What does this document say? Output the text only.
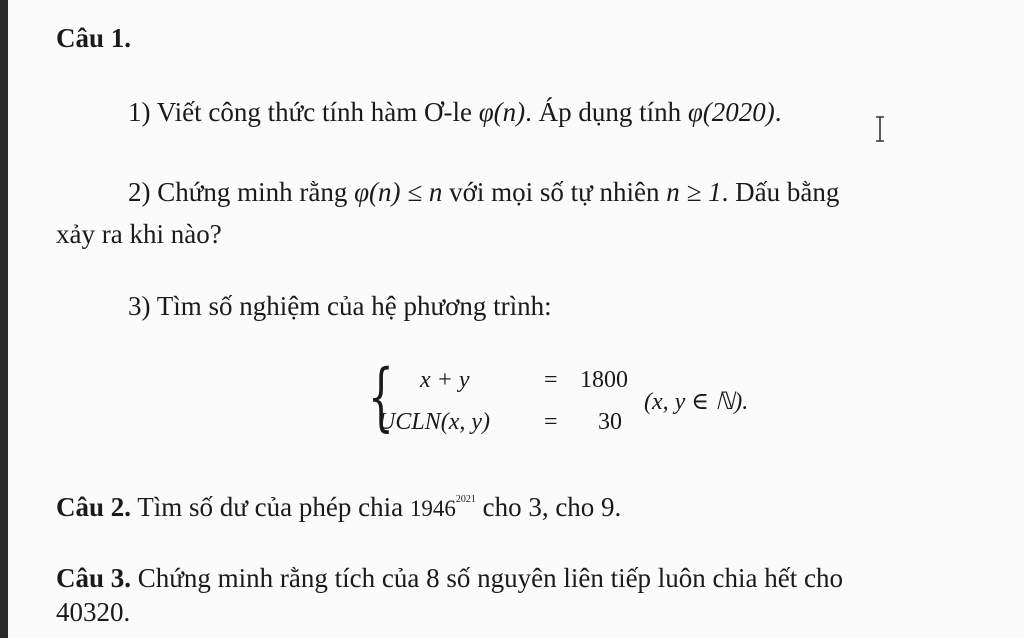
Câu 1.
1) Viết công thức tính hàm Ơ-le φ(n). Áp dụng tính φ(2020).
2) Chứng minh rằng φ(n) ≤ n với mọi số tự nhiên n ≥ 1. Dấu bằng
xảy ra khi nào?
3) Tìm số nghiệm của hệ phương trình:
{ x + y	= 1800
UCLN(x, y) = 30
(x, y ∈ ℕ).
Câu 2. Tìm số dư của phép chia $1946^{2021}$ cho 3, cho 9.
Câu 3. Chứng minh rằng tích của 8 số nguyên liên tiếp luôn chia hết cho
40320.
